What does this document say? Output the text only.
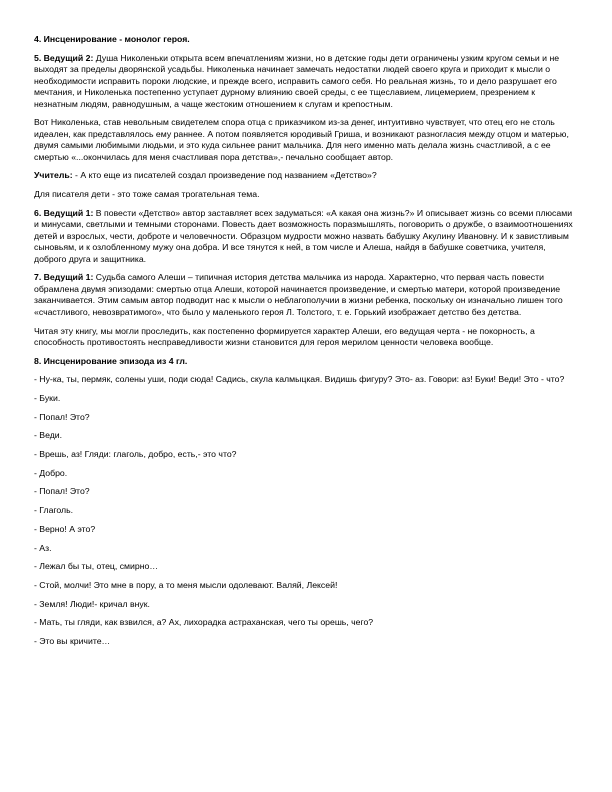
4. Инсценирование - монолог героя.

5. Ведущий 2: Душа Николеньки открыта всем впечатлениям жизни, но в детские годы дети ограничены узким кругом семьи и не выходят за пределы дворянской усадьбы. Николенька начинает замечать недостатки людей своего круга и приходит к мысли о необходимости исправить пороки людские, и прежде всего, исправить самого себя. Но реальная жизнь, то и дело разрушает его мечтания, и Николенька постепенно уступает дурному влиянию своей среды, с ее тщеславием, лицемерием, презрением к незнатным людям, равнодушным, а чаще жестоким отношением к слугам и крепостным.

Вот Николенька, став невольным свидетелем спора отца с приказчиком из-за денег, интуитивно чувствует, что отец его не столь идеален, как представлялось ему раннее. А потом появляется юродивый Гриша, и возникают разногласия между отцом и матерью, двумя самыми любимыми людьми, и это куда сильнее ранит мальчика. Для него именно мать делала жизнь счастливой, а с ее смертью «...окончилась для меня счастливая пора детства»,- печально сообщает автор.

Учитель: - А кто еще из писателей создал произведение под названием «Детство»?

Для писателя дети - это тоже самая трогательная тема.

6. Ведущий 1: В повести «Детство» автор заставляет всех задуматься: «А какая она жизнь?» И описывает жизнь со всеми плюсами и минусами, светлыми и темными сторонами. Повесть дает возможность поразмышлять, поговорить о дружбе, о взаимоотношениях детей и взрослых, чести, доброте и человечности. Образцом мудрости можно назвать бабушку Акулину Ивановну. И к завистливым сыновьям, и к озлобленному мужу она добра. И все тянутся к ней, в том числе и Алеша, найдя в бабушке советчика, учителя, доброго друга и защитника.

7. Ведущий 1: Судьба самого Алеши – типичная история детства мальчика из народа. Характерно, что первая часть повести обрамлена двумя эпизодами: смертью отца Алеши, которой начинается произведение, и смертью матери, которой произведение заканчивается. Этим самым автор подводит нас к мысли о неблагополучии в жизни ребенка, поскольку он изначально лишен того «счастливого, невозвратимого», что было у маленького героя Л. Толстого, т. е. Горький изображает детство без детства.

Читая эту книгу, мы могли проследить, как постепенно формируется характер Алеши, его ведущая черта - не покорность, а способность противостоять несправедливости жизни становится для героя мерилом ценности человека вообще.

8. Инсценирование эпизода из 4 гл.

- Ну-ка, ты, пермяк, солены уши, поди сюда! Садись, скула калмыцкая. Видишь фигуру? Это- аз. Говори: аз! Буки! Веди! Это - что?

- Буки.

- Попал! Это?

- Веди.

- Врешь, аз! Гляди: глаголь, добро, есть,- это что?

- Добро.

- Попал! Это?

- Глаголь.

- Верно! А это?

- Аз.

- Лежал бы ты, отец, смирно…

- Стой, молчи! Это мне в пору, а то меня мысли одолевают. Валяй, Лексей!

- Земля! Люди!- кричал внук.

- Мать, ты гляди, как взвился, а? Ах, лихорадка астраханская, чего ты орешь, чего?

- Это вы кричите…
